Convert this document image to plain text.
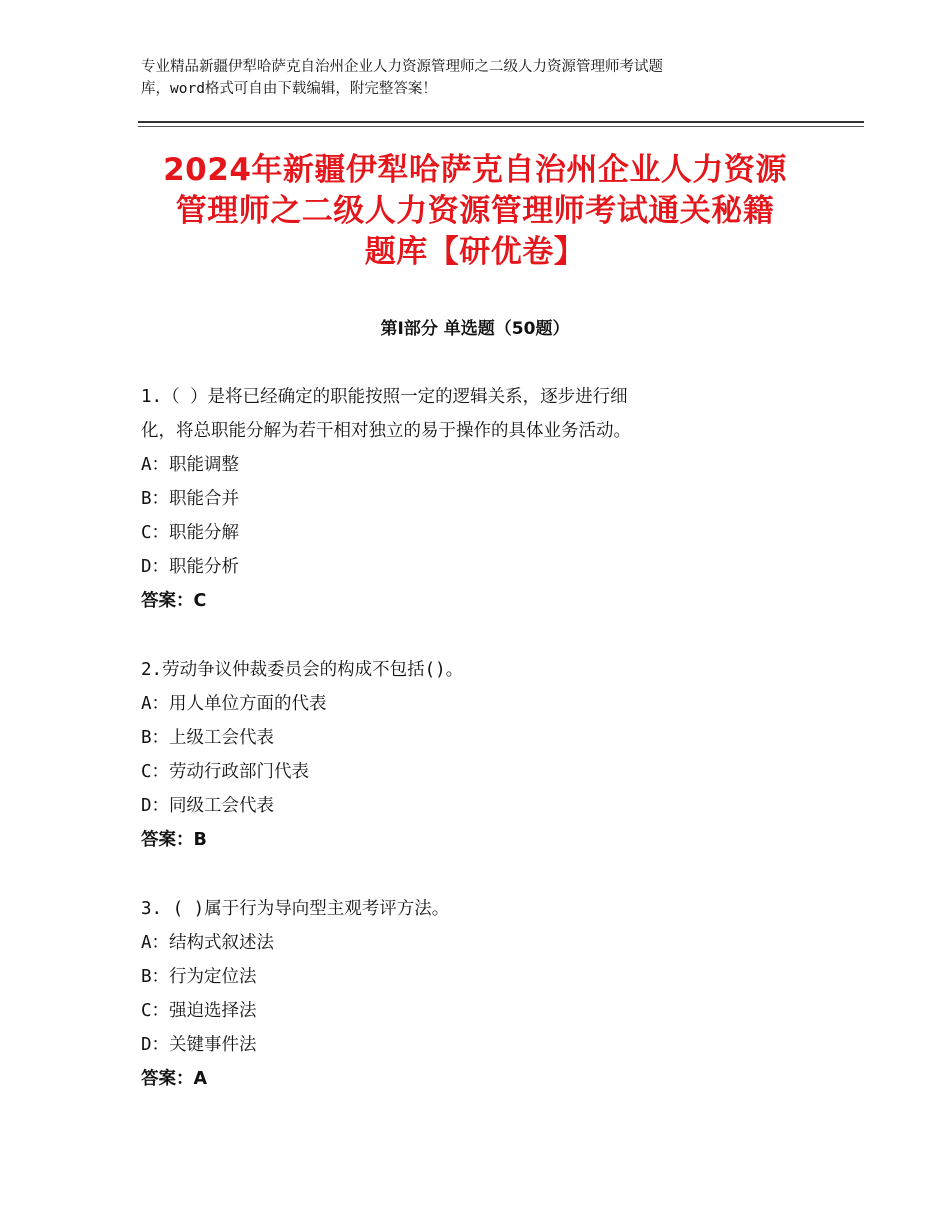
专业精品新疆伊犁哈萨克自治州企业人力资源管理师之二级人力资源管理师考试题
库，word格式可自由下载编辑，附完整答案！
2024年新疆伊犁哈萨克自治州企业人力资源
管理师之二级人力资源管理师考试通关秘籍
题库【研优卷】
第Ⅰ部分 单选题（50题）
1.（ ）是将已经确定的职能按照一定的逻辑关系，逐步进行细
化，将总职能分解为若干相对独立的易于操作的具体业务活动。
A：职能调整
B：职能合并
C：职能分解
D：职能分析
答案：C
2.劳动争议仲裁委员会的构成不包括()。
A：用人单位方面的代表
B：上级工会代表
C：劳动行政部门代表
D：同级工会代表
答案：B
3. ( )属于行为导向型主观考评方法。
A：结构式叙述法
B：行为定位法
C：强迫选择法
D：关键事件法
答案：A
